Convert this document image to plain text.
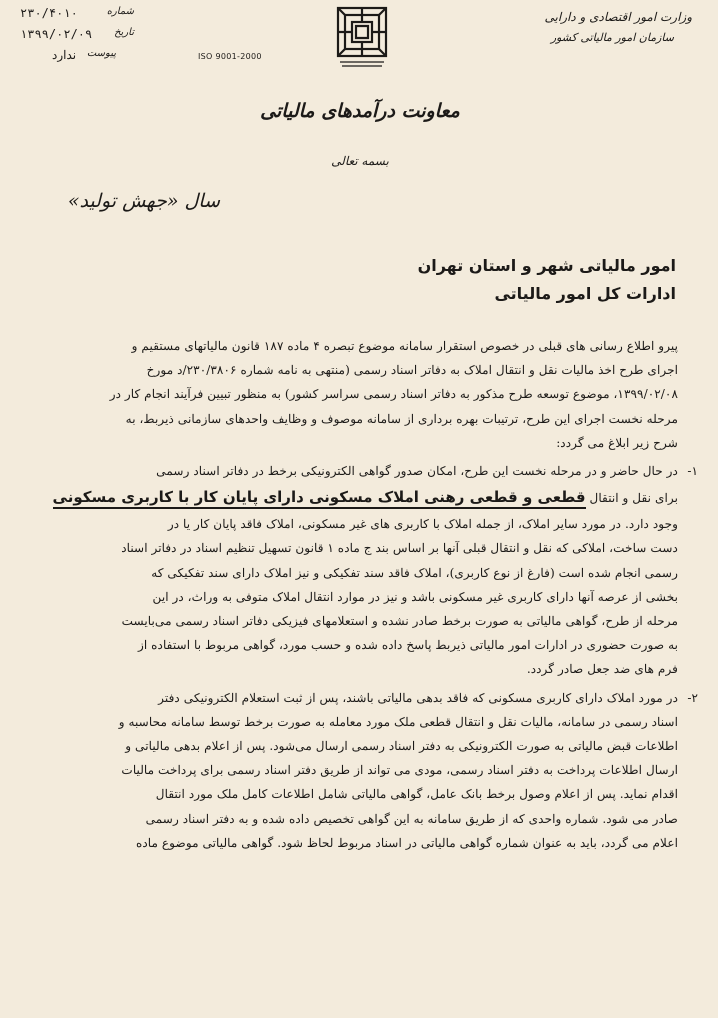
وزارت امور اقتصادی و دارایی
سازمان امور مالیاتی کشور
ISO 9001-2000
۲۳۰/۴۰۱۰	شماره
۱۳۹۹/۰۲/۰۹ تاریخ
ندارد پیوست
معاونت درآمدهای مالیاتی
بسمه تعالی
سال «جهش تولید»
امور مالیاتی شهر و استان تهران
ادارات کل امور مالیاتی

پیرو اطلاع رسانی های قبلی در خصوص استقرار سامانه موضوع تبصره ۴ ماده ۱۸۷ قانون مالیاتهای مستقیم و

اجرای طرح اخذ مالیات نقل و انتقال املاک به دفاتر اسناد رسمی (منتهی به نامه شماره ۲۳۰/۳۸۰۶/د مورخ

۱۳۹۹/۰۲/۰۸، موضوع توسعه طرح مذکور به دفاتر اسناد رسمی سراسر کشور) به منظور تبیین فرآیند انجام کار در

مرحله نخست اجرای این طرح، ترتیبات بهره برداری از سامانه موصوف و وظایف واحدهای سازمانی ذیربط، به

شرح زیر ابلاغ می گردد:

۱-

در حال حاضر و در مرحله نخست این طرح، امکان صدور گواهی الکترونیکی برخط در دفاتر اسناد رسمی

برای نقل و انتقال قطعی و قطعی رهنی املاک مسکونی دارای پایان کار با کاربری مسکونی

وجود دارد. در مورد سایر املاک، از جمله املاک با کاربری های غیر مسکونی، املاک فاقد پایان کار یا در

دست ساخت، املاکی که نقل و انتقال قبلی آنها بر اساس بند ج ماده ۱ قانون تسهیل تنظیم اسناد در دفاتر اسناد

رسمی انجام شده است (فارغ از نوع کاربری)، املاک فاقد سند تفکیکی و نیز املاک دارای سند تفکیکی که

بخشی از عرصه آنها دارای کاربری غیر مسکونی باشد و نیز در موارد انتقال املاک متوفی به وراث، در این

مرحله از طرح، گواهی مالیاتی به صورت برخط صادر نشده و استعلامهای فیزیکی دفاتر اسناد رسمی می‌بایست

به صورت حضوری در ادارات امور مالیاتی ذیربط پاسخ داده شده و حسب مورد، گواهی مربوط با استفاده از

فرم های ضد جعل صادر گردد.

۲-

در مورد املاک دارای کاربری مسکونی که فاقد بدهی مالیاتی باشند، پس از ثبت استعلام الکترونیکی دفتر

اسناد رسمی در سامانه، مالیات نقل و انتقال قطعی ملک مورد معامله به صورت برخط توسط سامانه محاسبه و

اطلاعات قبض مالیاتی به صورت الکترونیکی به دفتر اسناد رسمی ارسال می‌شود. پس از اعلام بدهی مالیاتی و

ارسال اطلاعات پرداخت به دفتر اسناد رسمی، مودی می تواند از طریق دفتر اسناد رسمی برای پرداخت مالیات

اقدام نماید. پس از اعلام وصول برخط بانک عامل، گواهی مالیاتی شامل اطلاعات کامل ملک مورد انتقال

صادر می شود. شماره واحدی که از طریق سامانه به این گواهی تخصیص داده شده و به دفتر اسناد رسمی

اعلام می گردد، باید به عنوان شماره گواهی مالیاتی در اسناد مربوط لحاظ شود. گواهی مالیاتی موضوع ماده
